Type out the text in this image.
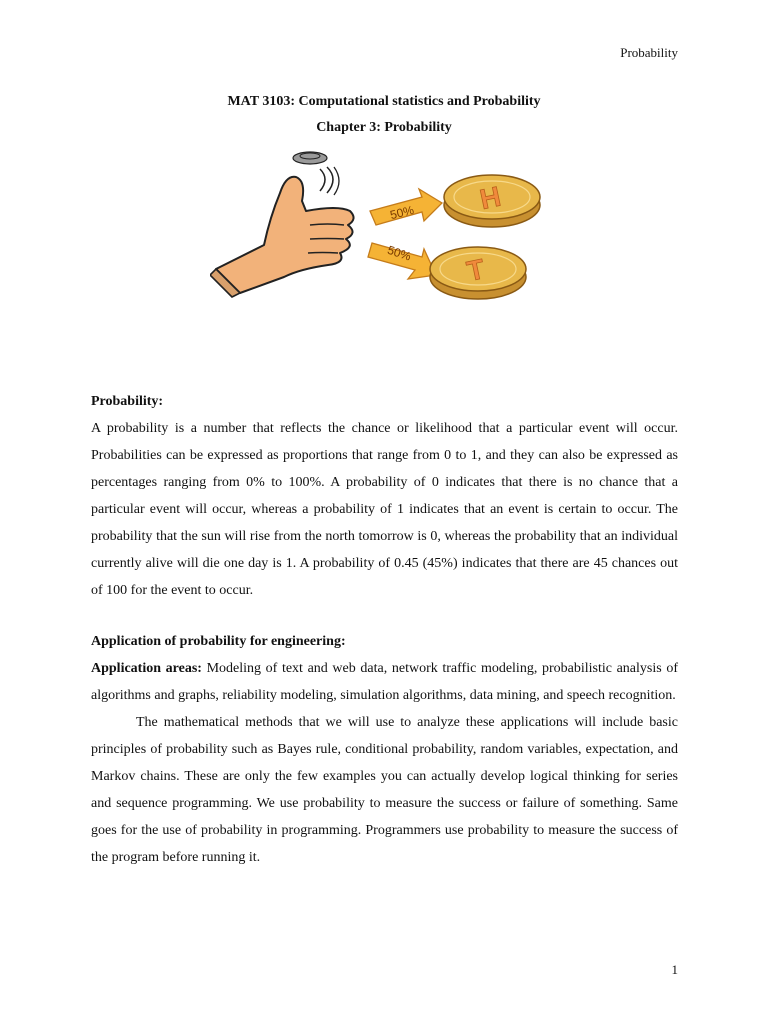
Probability
MAT 3103: Computational statistics and Probability
Chapter 3: Probability
50%
50%
H
T
Probability:

A probability is a number that reflects the chance or likelihood that a particular event will occur. Probabilities can be expressed as proportions that range from 0 to 1, and they can also be expressed as percentages ranging from 0% to 100%. A probability of 0 indicates that there is no chance that a particular event will occur, whereas a probability of 1 indicates that an event is certain to occur. The probability that the sun will rise from the north tomorrow is 0, whereas the probability that an individual currently alive will die one day is 1. A probability of 0.45 (45%) indicates that there are 45 chances out of 100 for the event to occur.

Application of probability for engineering:

Application areas: Modeling of text and web data, network traffic modeling, probabilistic analysis of algorithms and graphs, reliability modeling, simulation algorithms, data mining, and speech recognition.

The mathematical methods that we will use to analyze these applications will include basic principles of probability such as Bayes rule, conditional probability, random variables, expectation, and Markov chains. These are only the few examples you can actually develop logical thinking for series and sequence programming. We use probability to measure the success or failure of something. Same goes for the use of probability in programming. Programmers use probability to measure the success of the program before running it.

1
